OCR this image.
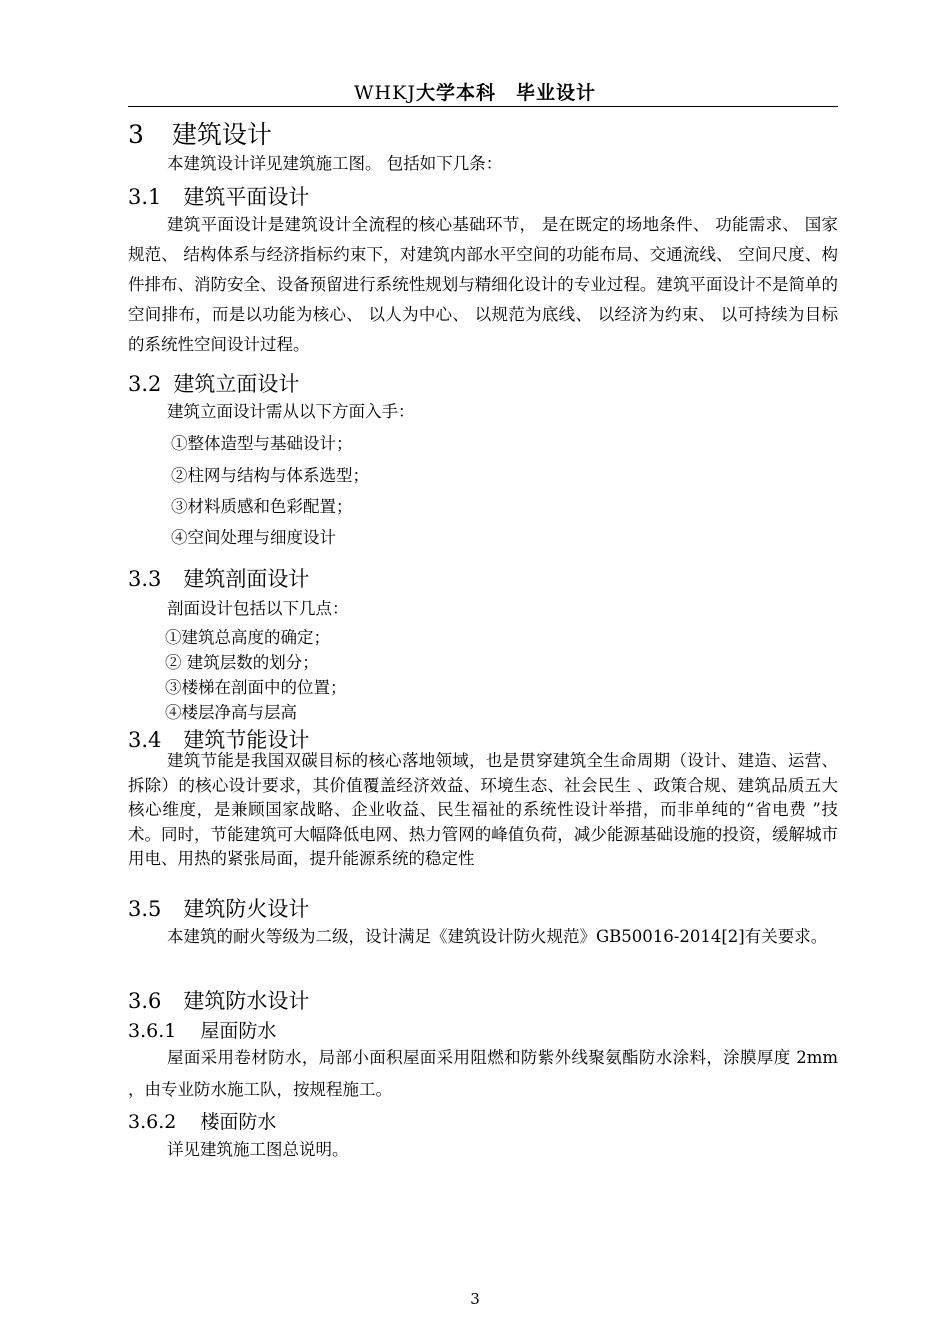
WHKJ大学本科　毕业设计
3 建筑设计
本建筑设计详见建筑施工图。 包括如下几条：
3.1 建筑平面设计
建筑平面设计是建筑设计全流程的核心基础环节， 是在既定的场地条件、 功能需求、 国家规范、 结构体系与经济指标约束下，对建筑内部水平空间的功能布局、交通流线、 空间尺度、构件排布、消防安全、设备预留进行系统性规划与精细化设计的专业过程。建筑平面设计不是简单的空间排布，而是以功能为核心、 以人为中心、 以规范为底线、 以经济为约束、 以可持续为目标的系统性空间设计过程。
3.2 建筑立面设计
建筑立面设计需从以下方面入手：
①整体造型与基础设计；
②柱网与结构与体系选型；
③材料质感和色彩配置；
④空间处理与细度设计
3.3 建筑剖面设计
剖面设计包括以下几点：
①建筑总高度的确定；
② 建筑层数的划分；
③楼梯在剖面中的位置；
④楼层净高与层高
3.4 建筑节能设计
建筑节能是我国双碳目标的核心落地领域，也是贯穿建筑全生命周期（设计、建造、运营、拆除）的核心设计要求，其价值覆盖经济效益、环境生态、社会民生 、政策合规、建筑品质五大核心维度，是兼顾国家战略、企业收益、民生福祉的系统性设计举措，而非单纯的“省电费 ”技术。同时，节能建筑可大幅降低电网、热力管网的峰值负荷，减少能源基础设施的投资，缓解城市用电、用热的紧张局面，提升能源系统的稳定性
3.5 建筑防火设计
本建筑的耐火等级为二级，设计满足《建筑设计防火规范》GB50016-2014[2]有关要求。
3.6 建筑防水设计
3.6.1 屋面防水
屋面采用卷材防水，局部小面积屋面采用阻燃和防紫外线聚氨酯防水涂料，涂膜厚度 2mm ，由专业防水施工队，按规程施工。
3.6.2 楼面防水
详见建筑施工图总说明。
3
